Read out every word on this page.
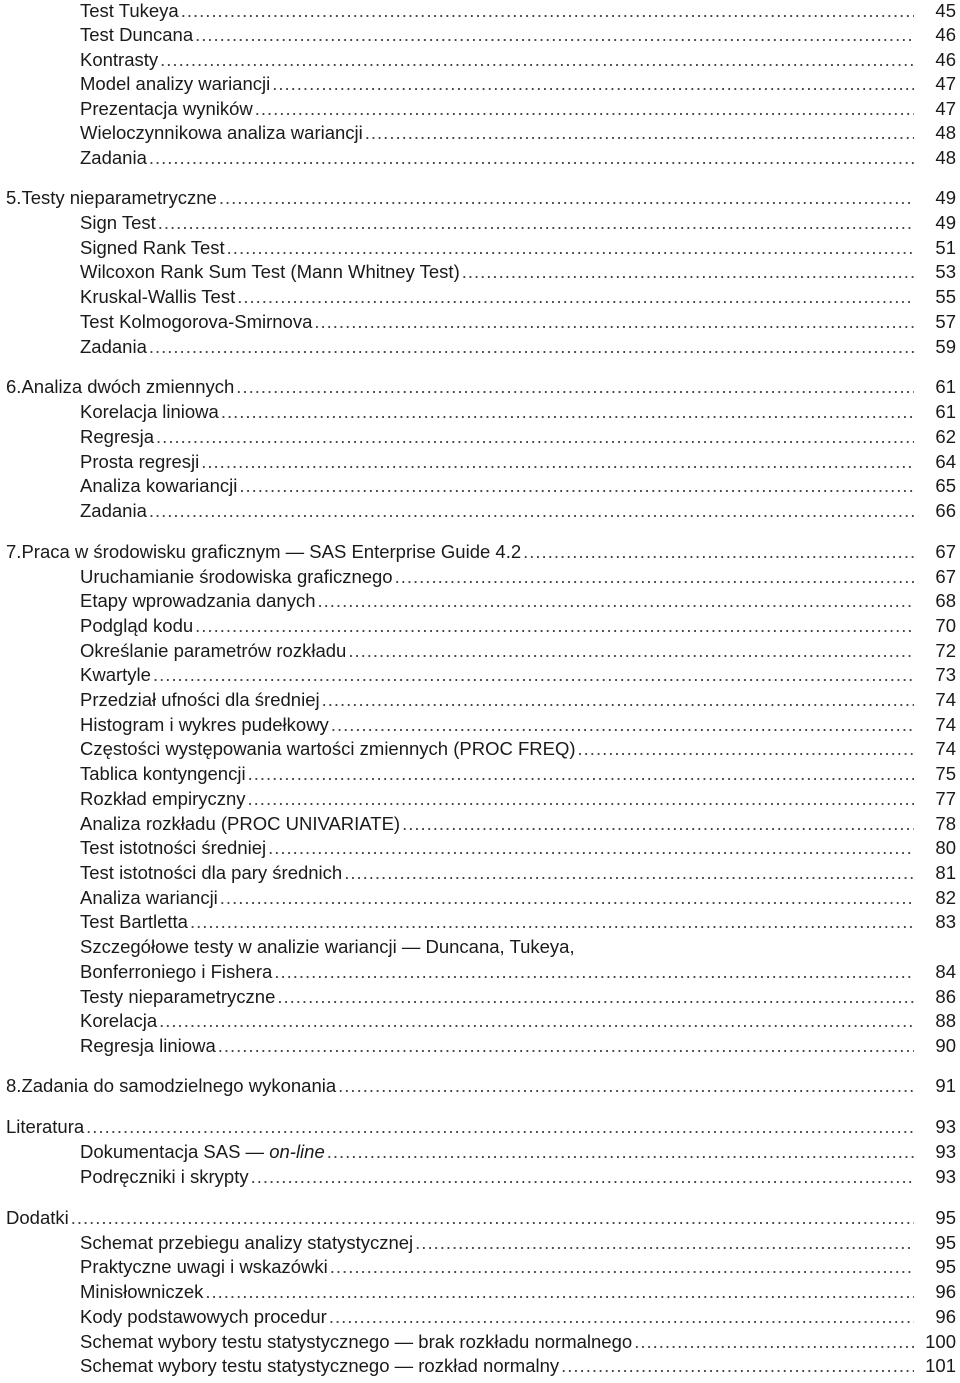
Test Tukeya .....	45
Test Duncana .....	46
Kontrasty .....	46
Model analizy wariancji .....	47
Prezentacja wyników .....	47
Wieloczynnikowa analiza wariancji .....	48
Zadania .....	48
5. Testy nieparametryczne .....	49
Sign Test .....	49
Signed Rank Test .....	51
Wilcoxon Rank Sum Test (Mann Whitney Test) .....	53
Kruskal-Wallis Test .....	55
Test Kolmogorova-Smirnova .....	57
Zadania .....	59
6. Analiza dwóch zmiennych .....	61
Korelacja liniowa .....	61
Regresja .....	62
Prosta regresji .....	64
Analiza kowariancji .....	65
Zadania .....	66
7. Praca w środowisku graficznym — SAS Enterprise Guide 4.2 .....	67
Uruchamianie środowiska graficznego .....	67
Etapy wprowadzania danych .....	68
Podgląd kodu .....	70
Określanie parametrów rozkładu .....	72
Kwartyle .....	73
Przedział ufności dla średniej .....	74
Histogram i wykres pudełkowy .....	74
Częstości występowania wartości zmiennych (PROC FREQ) .....	74
Tablica kontyngencji .....	75
Rozkład empiryczny .....	77
Analiza rozkładu (PROC UNIVARIATE) .....	78
Test istotności średniej .....	80
Test istotności dla pary średnich .....	81
Analiza wariancji .....	82
Test Bartletta .....	83
Szczegółowe testy w analizie wariancji — Duncana, Tukeya,
Bonferroniego i Fishera .....	84
Testy nieparametryczne .....	86
Korelacja .....	88
Regresja liniowa .....	90
8. Zadania do samodzielnego wykonania .....	91
Literatura .....	93
Dokumentacja SAS — on-line .....	93
Podręczniki i skrypty .....	93
Dodatki .....	95
Schemat przebiegu analizy statystycznej .....	95
Praktyczne uwagi i wskazówki .....	95
Minisłowniczek .....	96
Kody podstawowych procedur .....	96
Schemat wybory testu statystycznego — brak rozkładu normalnego .....	100
Schemat wybory testu statystycznego — rozkład normalny .....	101
